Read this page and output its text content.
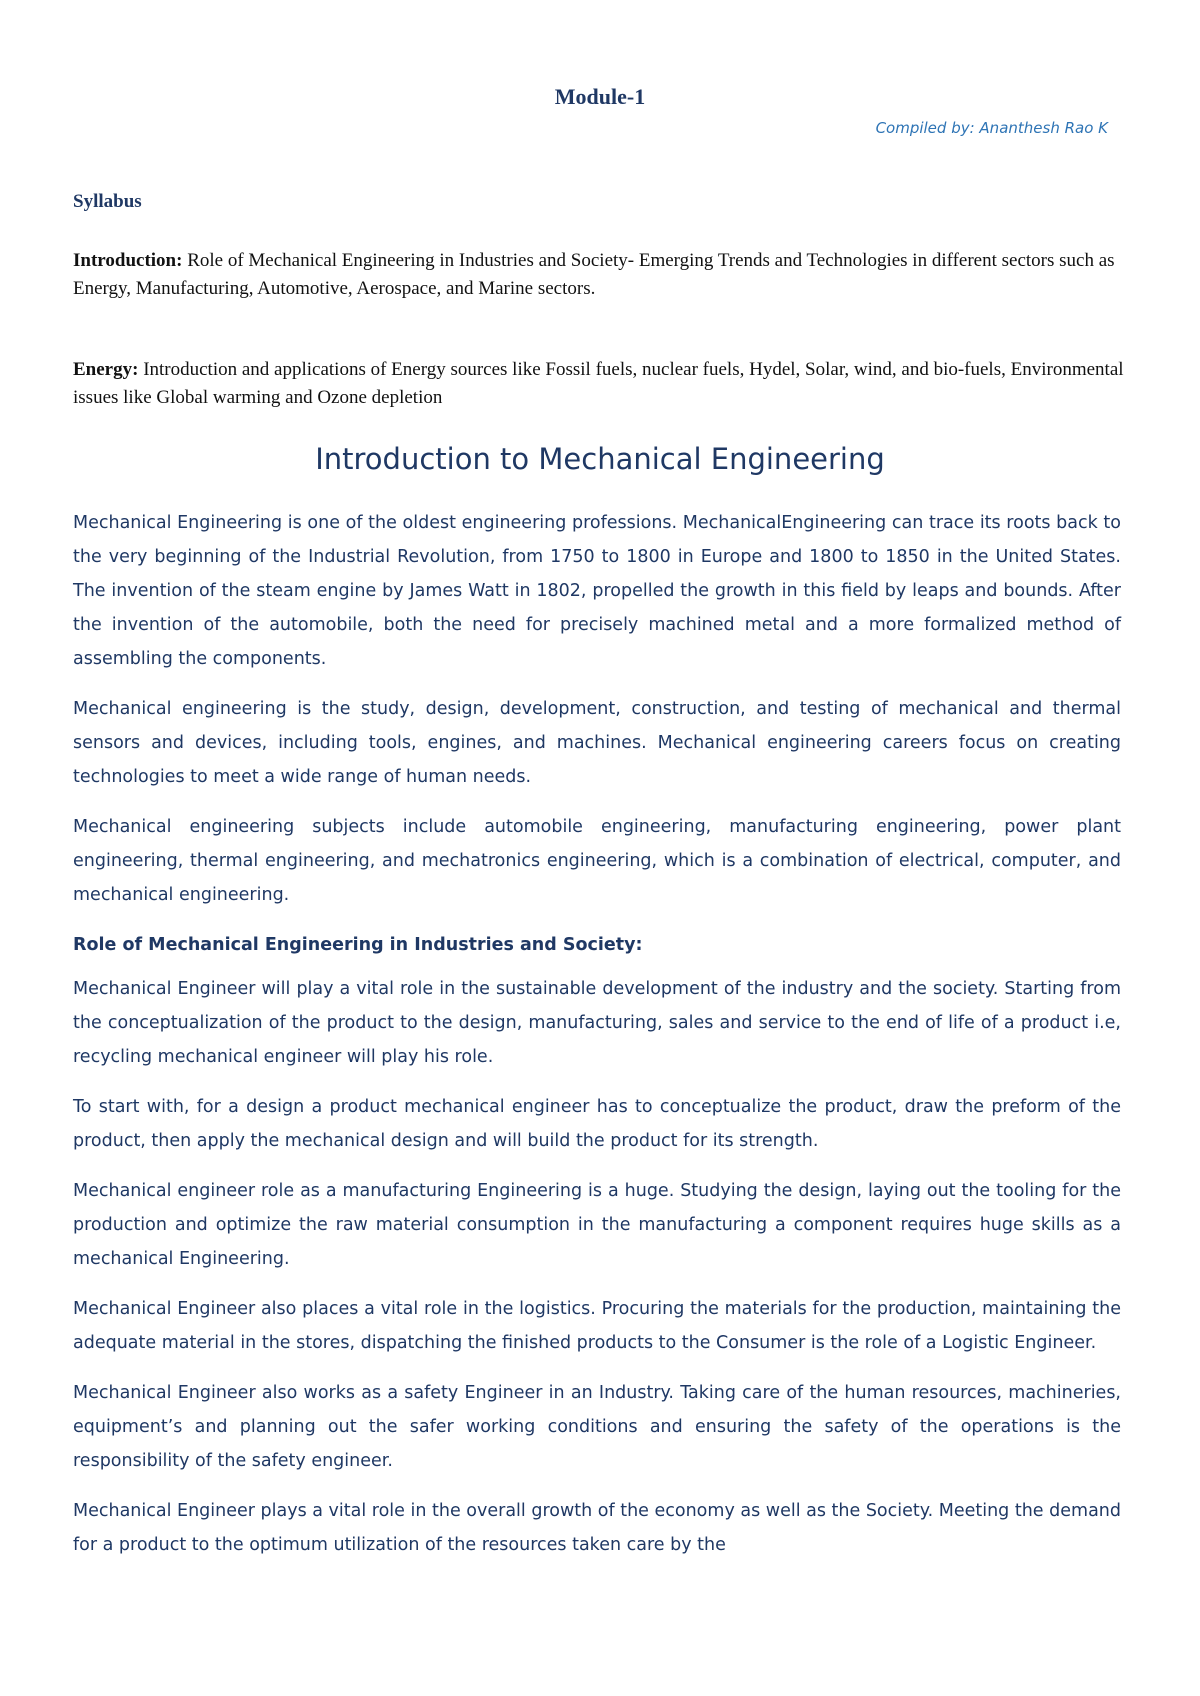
Module-1
Compiled by: Ananthesh Rao K
Syllabus

Introduction: Role of Mechanical Engineering in Industries and Society- Emerging Trends and Technologies in different sectors such as Energy, Manufacturing, Automotive, Aerospace, and Marine sectors.

Energy: Introduction and applications of Energy sources like Fossil fuels, nuclear fuels, Hydel, Solar, wind, and bio-fuels, Environmental issues like Global warming and Ozone depletion

Introduction to Mechanical Engineering

Mechanical Engineering is one of the oldest engineering professions. MechanicalEngineering can trace its roots back to the very beginning of the Industrial Revolution, from 1750 to 1800 in Europe and 1800 to 1850 in the United States. The invention of the steam engine by James Watt in 1802, propelled the growth in this field by leaps and bounds. After the invention of the automobile, both the need for precisely machined metal and a more formalized method of assembling the components.

Mechanical engineering is the study, design, development, construction, and testing of mechanical and thermal sensors and devices, including tools, engines, and machines. Mechanical engineering careers focus on creating technologies to meet a wide range of human needs.

Mechanical engineering subjects include automobile engineering, manufacturing engineering, power plant engineering, thermal engineering, and mechatronics engineering, which is a combination of electrical, computer, and mechanical engineering.

Role of Mechanical Engineering in Industries and Society:

Mechanical Engineer will play a vital role in the sustainable development of the industry and the society. Starting from the conceptualization of the product to the design, manufacturing, sales and service to the end of life of a product i.e, recycling mechanical engineer will play his role.

To start with, for a design a product mechanical engineer has to conceptualize the product, draw the preform of the product, then apply the mechanical design and will build the product for its strength.

Mechanical engineer role as a manufacturing Engineering is a huge. Studying the design, laying out the tooling for the production and optimize the raw material consumption in the manufacturing a component requires huge skills as a mechanical Engineering.

Mechanical Engineer also places a vital role in the logistics. Procuring the materials for the production, maintaining the adequate material in the stores, dispatching the finished products to the Consumer is the role of a Logistic Engineer.

Mechanical Engineer also works as a safety Engineer in an Industry. Taking care of the human resources, machineries, equipment’s and planning out the safer working conditions and ensuring the safety of the operations is the responsibility of the safety engineer.

Mechanical Engineer plays a vital role in the overall growth of the economy as well as the Society. Meeting the demand for a product to the optimum utilization of the resources taken care by the
